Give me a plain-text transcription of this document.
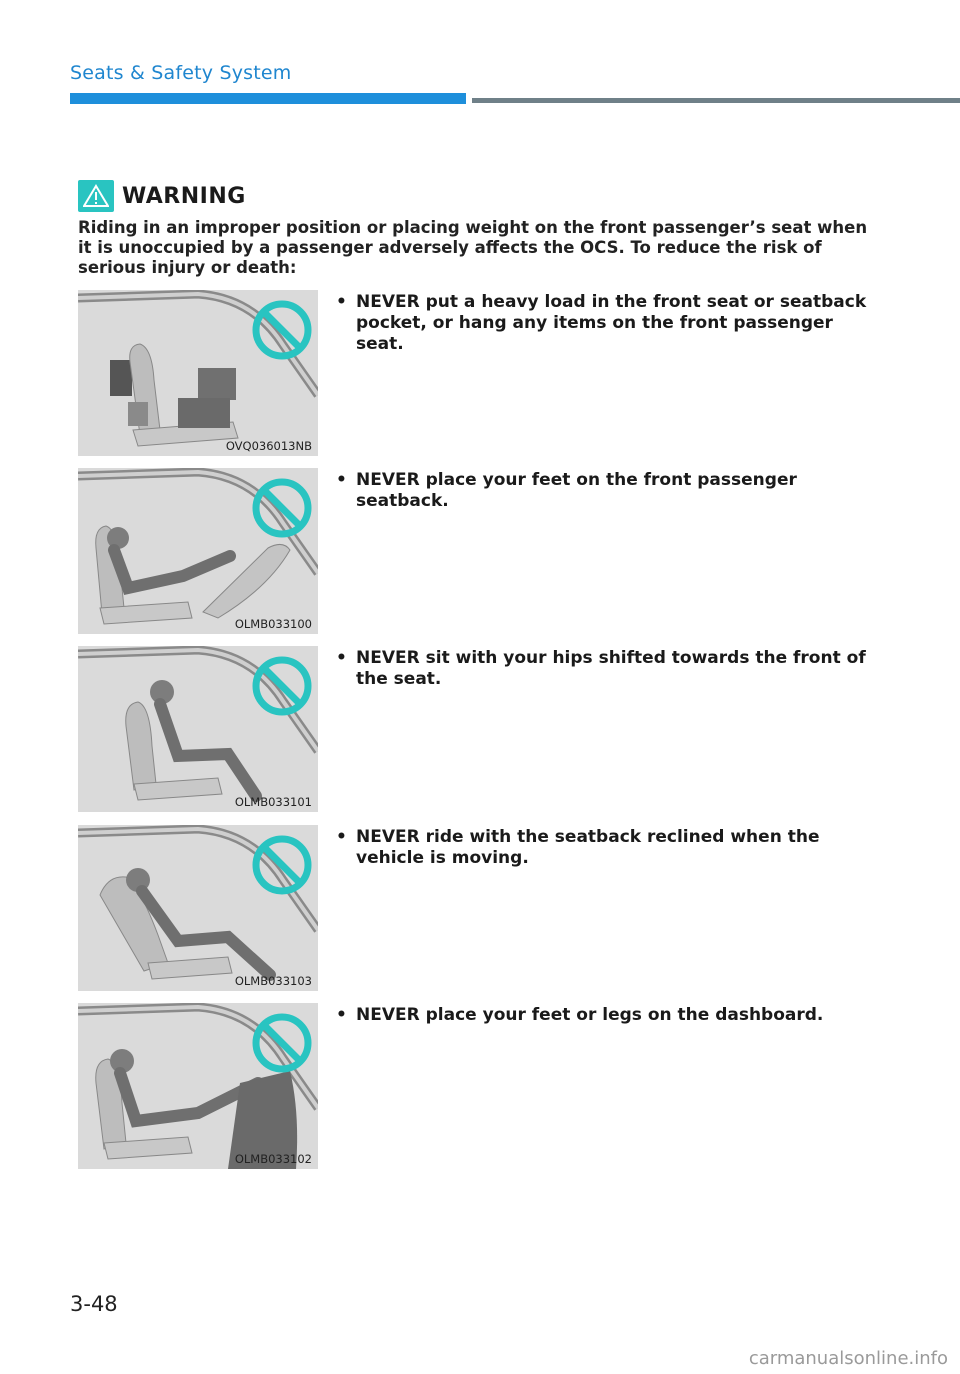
Seats & Safety System
WARNING
Riding in an improper position or placing weight on the front passenger’s seat when it is unoccupied by a passenger adversely affects the OCS. To reduce the risk of serious injury or death:
OVQ036013NB
• NEVER put a heavy load in the front seat or seatback pocket, or hang any items on the front passenger seat.
OLMB033100
• NEVER place your feet on the front passenger seatback.
OLMB033101
• NEVER sit with your hips shifted towards the front of the seat.
OLMB033103
• NEVER ride with the seatback reclined when the vehicle is moving.
OLMB033102
• NEVER place your feet or legs on the dashboard.
3-48
carmanualsonline.info
